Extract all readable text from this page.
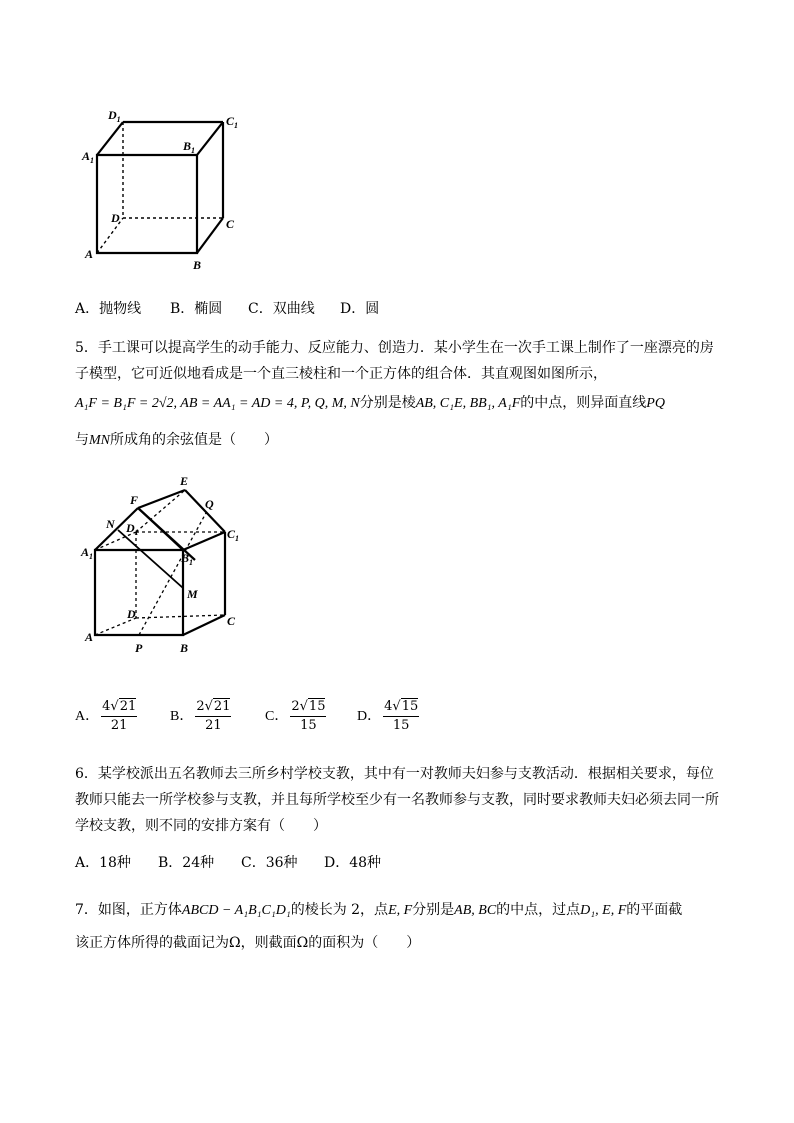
$D_1$	$C_1$
$A_1$
$B_1$
D	C
A
B
A．抛物线 B．椭圆 C．双曲线 D．圆
5．手工课可以提高学生的动手能力、反应能力、创造力．某小学生在一次手工课上制作了一座漂亮的房
子模型，它可近似地看成是一个直三棱柱和一个正方体的组合体．其直观图如图所示，
A₁F = B₁F = 2√2, AB = AA₁ = AD = 4, P, Q, M, N分别是棱AB, C₁E, BB₁, A₁F的中点，则异面直线PQ
与MN所成角的余弦值是（　　）
E
F	Q
N $D_1$	$C_1$
$A_1$	$B_1$
M
D	C
A
P	B
A． $\frac{4√21}{21}$ B． $\frac{2√21}{21}$ C． $\frac{2√15}{15}$ D． $\frac{4√15}{15}$
6．某学校派出五名教师去三所乡村学校支教，其中有一对教师夫妇参与支教活动．根据相关要求，每位
教师只能去一所学校参与支教，并且每所学校至少有一名教师参与支教，同时要求教师夫妇必须去同一所
学校支教，则不同的安排方案有（　　）
A．18种 B．24种 C．36种 D．48种
7．如图，正方体ABCD − A₁B₁C₁D₁的棱长为 2，点E, F分别是AB, BC的中点，过点D₁, E, F的平面截
该正方体所得的截面记为Ω，则截面Ω的面积为（　　）
